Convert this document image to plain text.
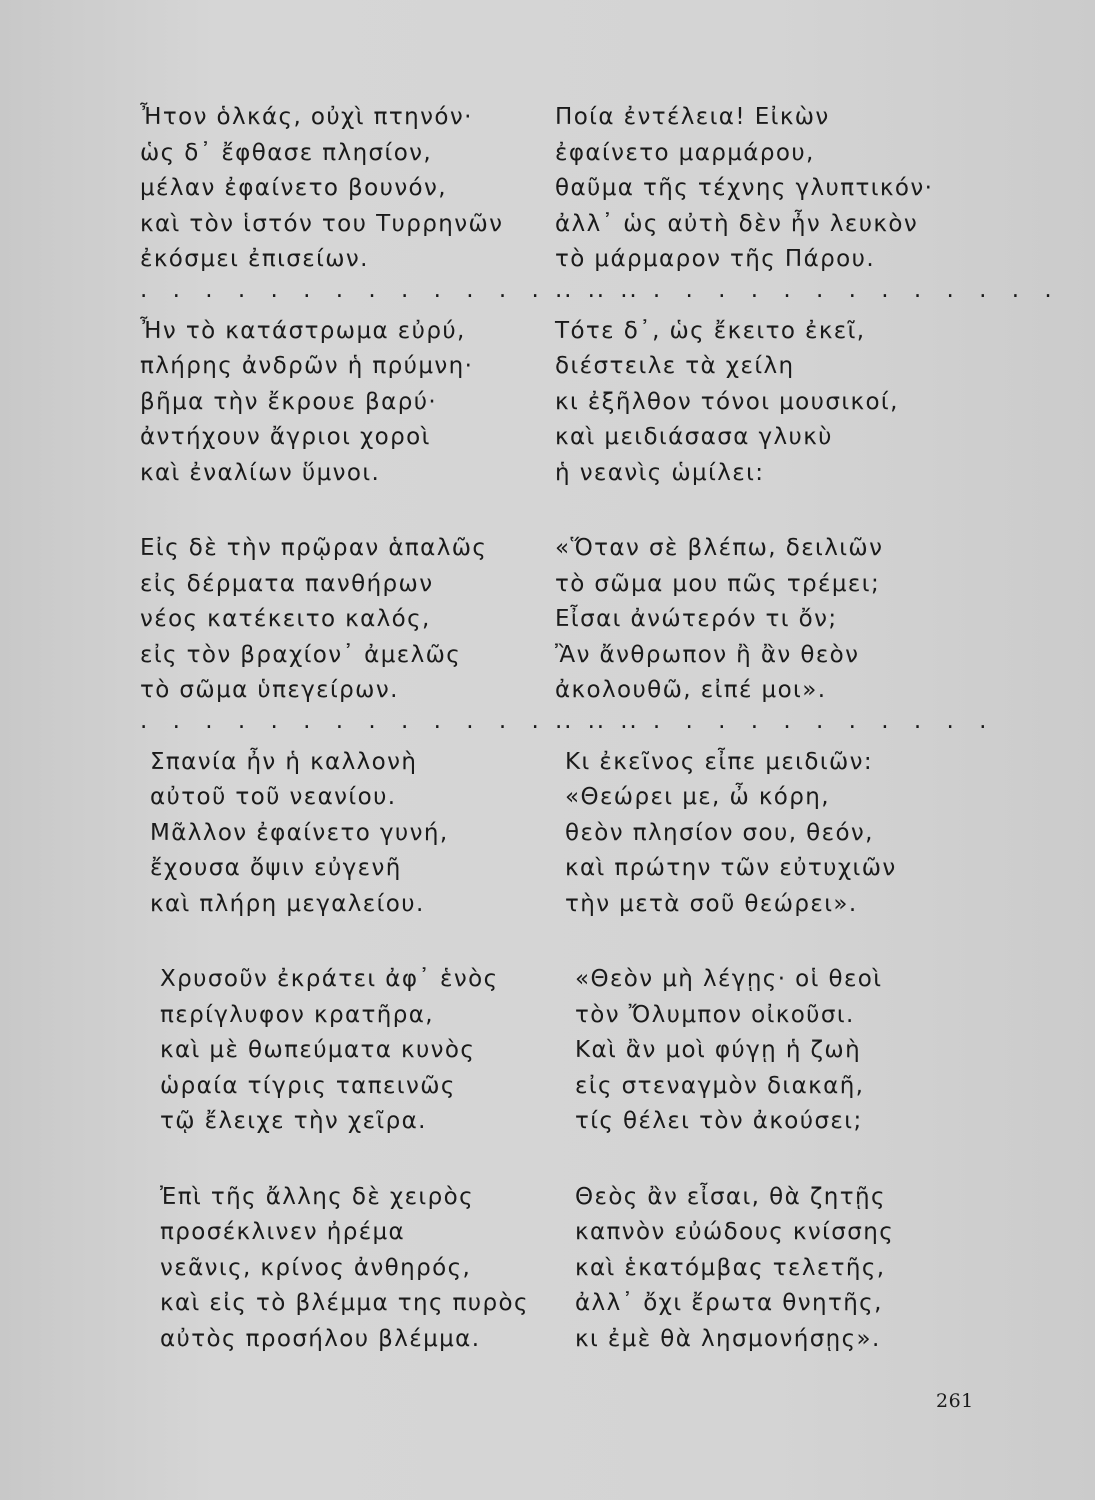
Ἦτον ὁλκάς, οὐχὶ πτηνόν·
ὡς δ᾽ ἔφθασε πλησίον,
μέλαν ἐφαίνετο βουνόν,
καὶ τὸν ἱστόν του Τυρρηνῶν
ἐκόσμει ἐπισείων.
. . . . . . . . . . . . . . . .
Ἦν τὸ κατάστρωμα εὐρύ,
πλήρης ἀνδρῶν ἡ πρύμνη·
βῆμα τὴν ἔκρουε βαρύ·
ἀντήχουν ἄγριοι χοροὶ
καὶ ἐναλίων ὕμνοι.
Εἰς δὲ τὴν πρῷραν ἁπαλῶς
εἰς δέρματα πανθήρων
νέος κατέκειτο καλός,
εἰς τὸν βραχίον᾽ ἀμελῶς
τὸ σῶμα ὑπεγείρων.
. . . . . . . . . . . . . . . .
Σπανία ἦν ἡ καλλονὴ
αὐτοῦ τοῦ νεανίου.
Μᾶλλον ἐφαίνετο γυνή,
ἔχουσα ὄψιν εὐγενῆ
καὶ πλήρη μεγαλείου.
Χρυσοῦν ἐκράτει ἀφ᾽ ἑνὸς
περίγλυφον κρατῆρα,
καὶ μὲ θωπεύματα κυνὸς
ὡραία τίγρις ταπεινῶς
τῷ ἔλειχε τὴν χεῖρα.
Ἐπὶ τῆς ἄλλης δὲ χειρὸς
προσέκλινεν ἠρέμα
νεᾶνις, κρίνος ἀνθηρός,
καὶ εἰς τὸ βλέμμα της πυρὸς
αὐτὸς προσήλου βλέμμα.
Ποία ἐντέλεια! Εἰκὼν
ἐφαίνετο μαρμάρου,
θαῦμα τῆς τέχνης γλυπτικόν·
ἀλλ᾽ ὡς αὐτὴ δὲν ἦν λευκὸν
τὸ μάρμαρον τῆς Πάρου.
. . . . . . . . . . . . . . . .
Τότε δ᾽, ὡς ἔκειτο ἐκεῖ,
διέστειλε τὰ χείλη
κι ἐξῆλθον τόνοι μουσικοί,
καὶ μειδιάσασα γλυκὺ
ἡ νεανὶς ὡμίλει:
«Ὅταν σὲ βλέπω, δειλιῶν
τὸ σῶμα μου πῶς τρέμει;
Εἶσαι ἀνώτερόν τι ὄν;
Ἂν ἄνθρωπον ἢ ἂν θεὸν
ἀκολουθῶ, εἰπέ μοι».
. . . . . . . . . . . . . .
Κι ἐκεῖνος εἶπε μειδιῶν:
«Θεώρει με, ὦ κόρη,
θεὸν πλησίον σου, θεόν,
καὶ πρώτην τῶν εὐτυχιῶν
τὴν μετὰ σοῦ θεώρει».
«Θεὸν μὴ λέγῃς· οἱ θεοὶ
τὸν Ὄλυμπον οἰκοῦσι.
Καὶ ἂν μοὶ φύγῃ ἡ ζωὴ
εἰς στεναγμὸν διακαῆ,
τίς θέλει τὸν ἀκούσει;
Θεὸς ἂν εἶσαι, θὰ ζητῇς
καπνὸν εὐώδους κνίσσης
καὶ ἑκατόμβας τελετῆς,
ἀλλ᾽ ὄχι ἔρωτα θνητῆς,
κι ἐμὲ θὰ λησμονήσῃς».
261
